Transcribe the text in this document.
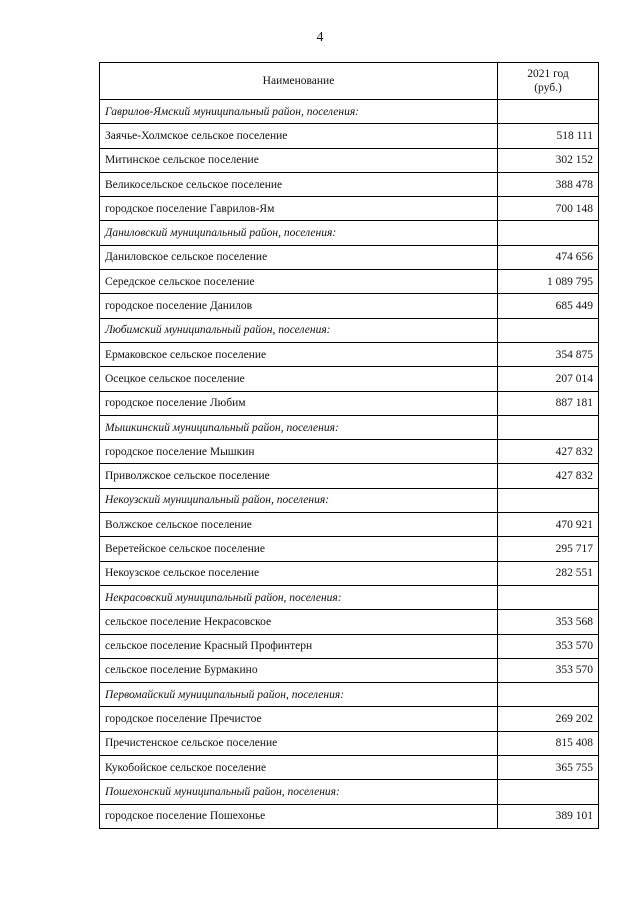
4
Наименование	2021 год
(руб.)

Гаврилов-Ямский муниципальный район, поселения:	
Заячье-Холмское сельское поселение	518 111
Митинское сельское поселение	302 152
Великосельское сельское поселение	388 478
городское поселение Гаврилов-Ям	700 148
Даниловский муниципальный район, поселения:	
Даниловское сельское поселение	474 656
Середское сельское поселение	1 089 795
городское поселение Данилов	685 449
Любимский муниципальный район, поселения:	
Ермаковское сельское поселение	354 875
Осецкое сельское поселение	207 014
городское поселение Любим	887 181
Мышкинский муниципальный район, поселения:	
городское поселение Мышкин	427 832
Приволжское сельское поселение	427 832
Некоузский муниципальный район, поселения:	
Волжское сельское поселение	470 921
Веретейское сельское поселение	295 717
Некоузское сельское поселение	282 551
Некрасовский муниципальный район, поселения:	
сельское поселение Некрасовское	353 568
сельское поселение Красный Профинтерн	353 570
сельское поселение Бурмакино	353 570
Первомайский муниципальный район, поселения:	
городское поселение Пречистое	269 202
Пречистенское сельское поселение	815 408
Кукобойское сельское поселение	365 755
Пошехонский муниципальный район, поселения:	
городское поселение Пошехонье	389 101
